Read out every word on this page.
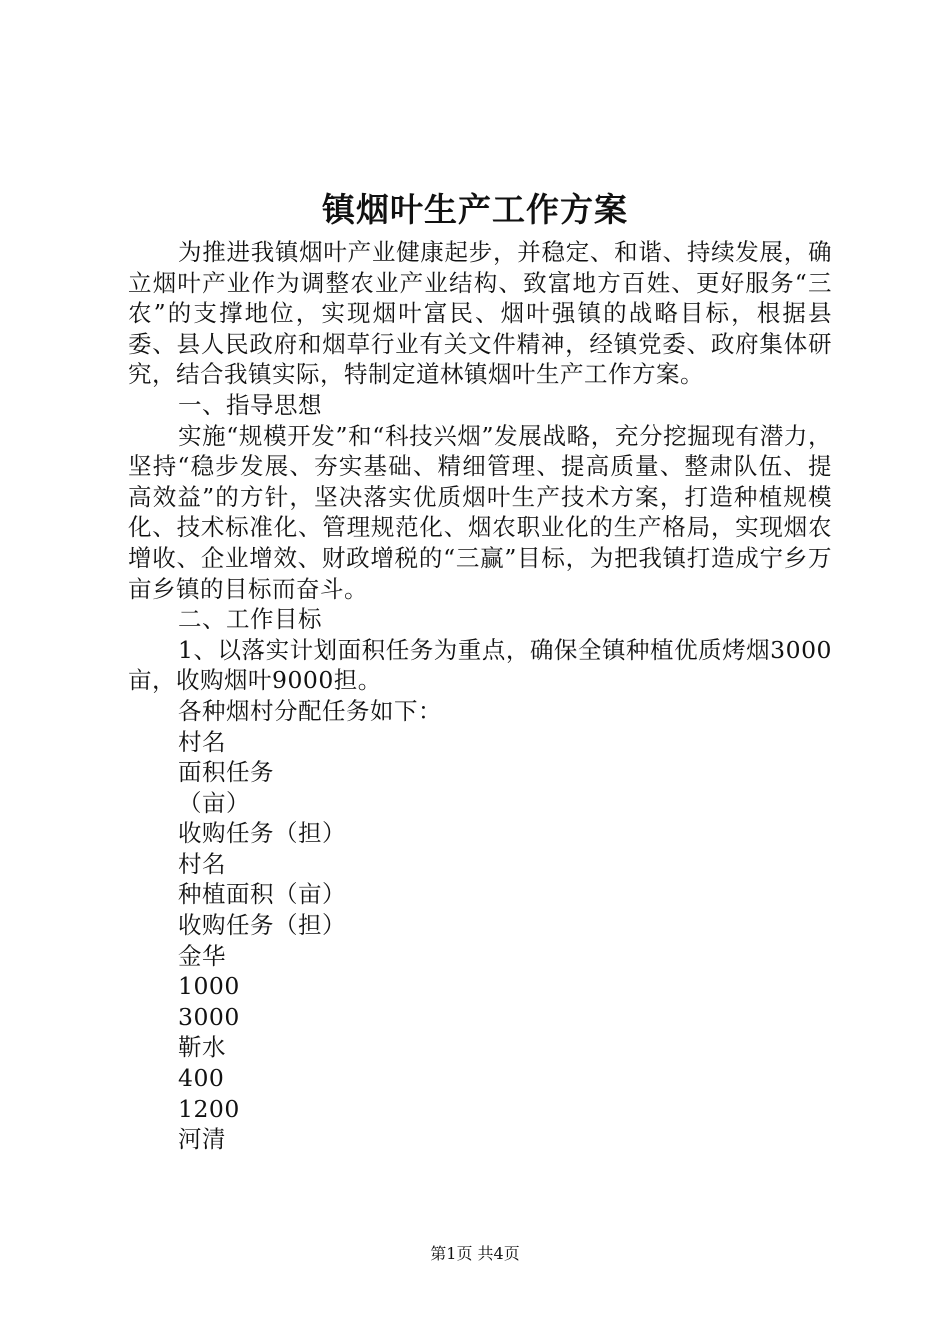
镇烟叶生产工作方案

为推进我镇烟叶产业健康起步，并稳定、和谐、持续发展，确立烟叶产业作为调整农业产业结构、致富地方百姓、更好服务“三农”的支撑地位，实现烟叶富民、烟叶强镇的战略目标，根据县委、县人民政府和烟草行业有关文件精神，经镇党委、政府集体研究，结合我镇实际，特制定道林镇烟叶生产工作方案。

一、指导思想

实施“规模开发”和“科技兴烟”发展战略，充分挖掘现有潜力，坚持“稳步发展、夯实基础、精细管理、提高质量、整肃队伍、提高效益”的方针，坚决落实优质烟叶生产技术方案，打造种植规模化、技术标准化、管理规范化、烟农职业化的生产格局，实现烟农增收、企业增效、财政增税的“三赢”目标，为把我镇打造成宁乡万亩乡镇的目标而奋斗。

二、工作目标

1、以落实计划面积任务为重点，确保全镇种植优质烤烟3000亩，收购烟叶9000担。

各种烟村分配任务如下：

村名

面积任务

（亩）

收购任务（担）

村名

种植面积（亩）

收购任务（担）

金华

1000

3000

靳水

400

1200

河清

第1页 共4页
